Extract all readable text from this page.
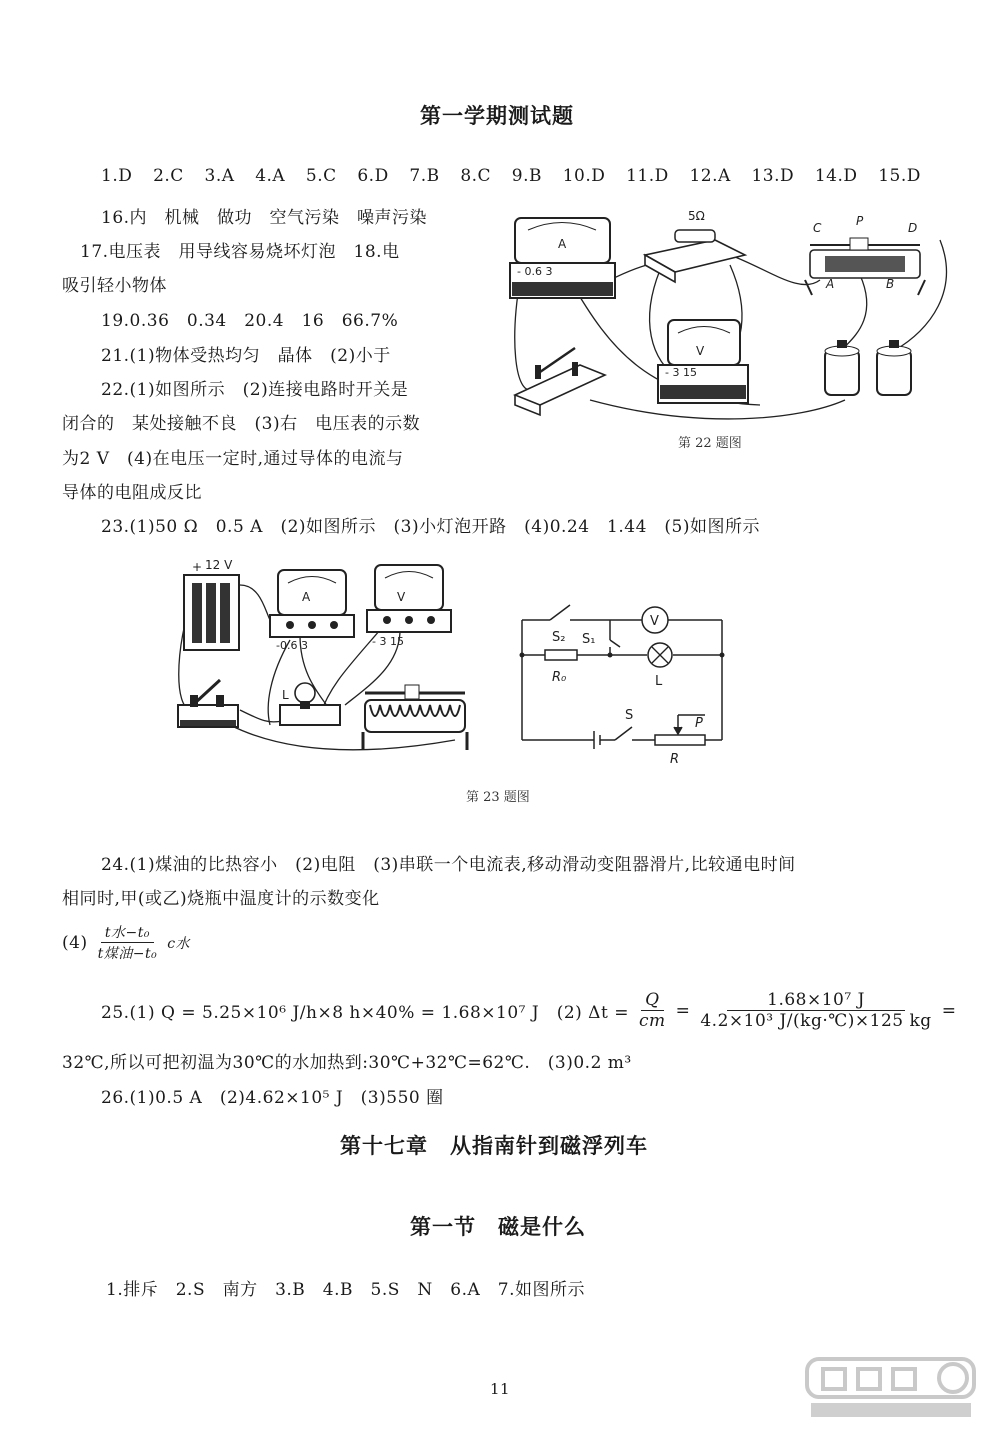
第一学期测试题
1.D 2.C 3.A 4.A 5.C 6.D 7.B 8.C 9.B 10.D 11.D 12.A 13.D 14.D 15.D
16.内　机械　做功　空气污染　噪声污染
17.电压表　用导线容易烧坏灯泡　18.电
吸引轻小物体
19.0.36　0.34　20.4　16　66.7%
21.(1)物体受热均匀　晶体　(2)小于
22.(1)如图所示　(2)连接电路时开关是
闭合的　某处接触不良　(3)右　电压表的示数
为2 V　(4)在电压一定时,通过导体的电流与
导体的电阻成反比
A
- 0.6 3
5Ω
C	P	D
A	B
V
- 3 15
第 22 题图
23.(1)50 Ω　0.5 A　(2)如图所示　(3)小灯泡开路　(4)0.24　1.44　(5)如图所示
+ 12 V
A
-0.6 3
V
- 3 15
L
V
S₂ S₁
R₀	L
S
P
R
第 23 题图
24.(1)煤油的比热容小　(2)电阻　(3)串联一个电流表,移动滑动变阻器滑片,比较通电时间
相同时,甲(或乙)烧瓶中温度计的示数变化
$(4) \frac{\text{t水−t₀}}{\text{t煤油−t₀}}$ c水
25.(1) Q = 5.25×10⁶ J/h×8 h×40% = 1.68×10⁷ J　(2) $\Delta t = \frac{Q}{cm} = \frac{\text{1.68×10⁷ J}}{\text{4.2×10³ J/(kg·℃)×125 kg}}$ =
32℃,所以可把初温为30℃的水加热到:30℃+32℃=62℃.　(3)0.2 m³
26.(1)0.5 A　(2)4.62×10⁵ J　(3)550 圈
第十七章　从指南针到磁浮列车
第一节　磁是什么
1.排斥　2.S　南方　3.B　4.B　5.S　N　6.A　7.如图所示
11
